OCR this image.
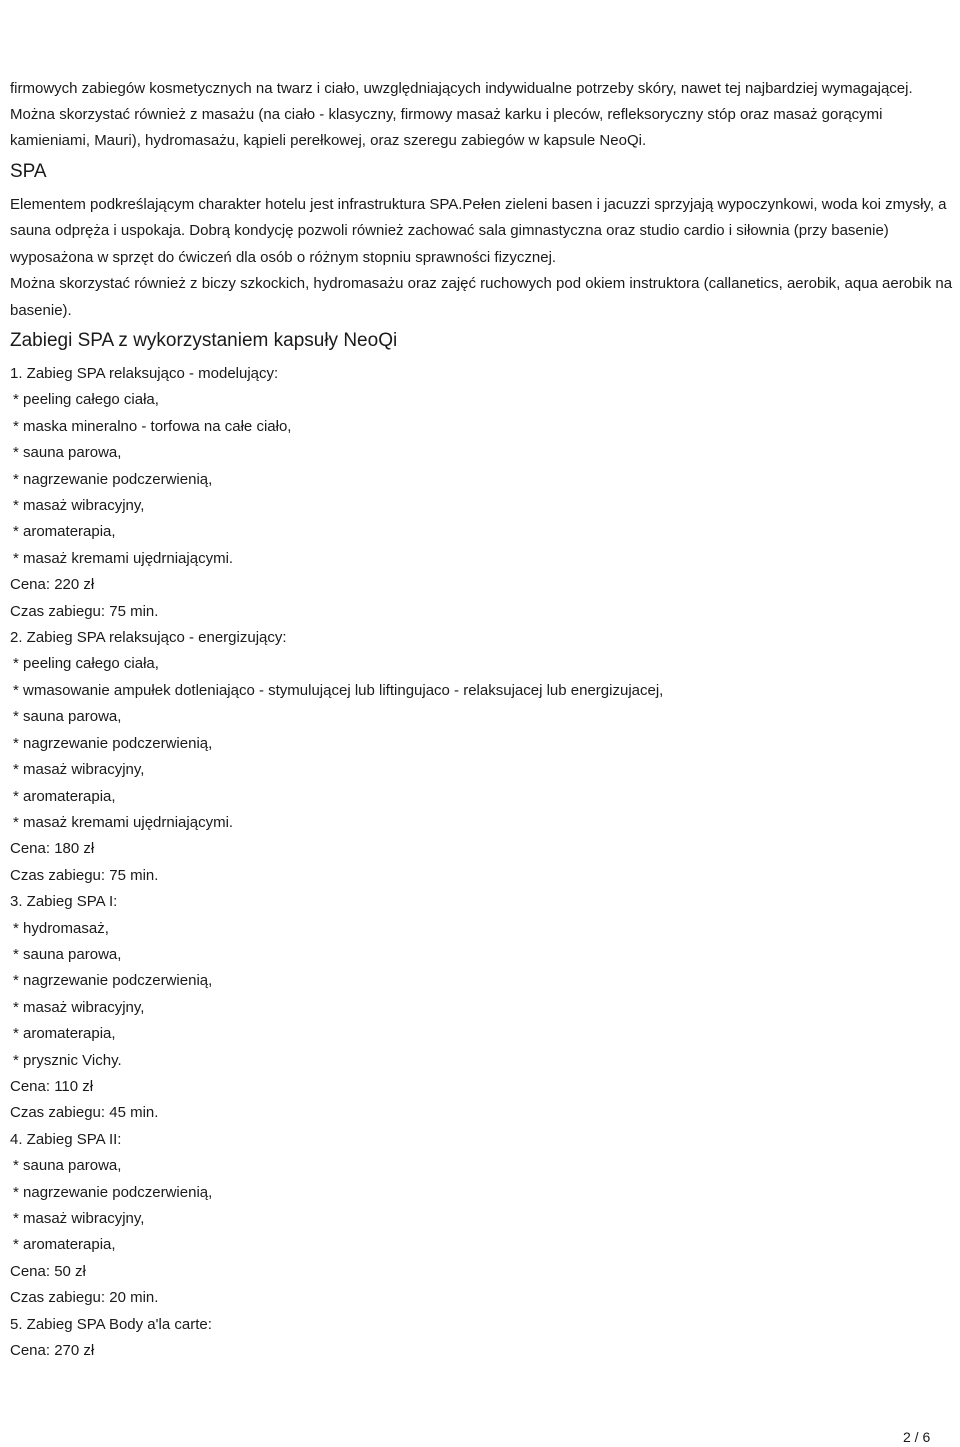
firmowych zabiegów kosmetycznych na twarz i ciało, uwzględniających indywidualne potrzeby skóry, nawet tej najbardziej wymagającej. Można skorzystać również z masażu (na ciało - klasyczny, firmowy masaż karku i pleców, refleksoryczny stóp oraz masaż gorącymi kamieniami, Mauri), hydromasażu, kąpieli perełkowej, oraz szeregu zabiegów w kapsule NeoQi.

SPA
Elementem podkreślającym charakter hotelu jest infrastruktura SPA.Pełen zieleni basen i jacuzzi sprzyjają wypoczynkowi, woda koi zmysły, a sauna odpręża i uspokaja. Dobrą kondycję pozwoli również zachować sala gimnastyczna oraz studio cardio i siłownia (przy basenie) wyposażona w sprzęt do ćwiczeń dla osób o różnym stopniu sprawności fizycznej.
Można skorzystać również z biczy szkockich, hydromasażu oraz zajęć ruchowych pod okiem instruktora (callanetics, aerobik, aqua aerobik na basenie).
Zabiegi SPA z wykorzystaniem kapsuły NeoQi
1. Zabieg SPA relaksująco - modelujący:
* peeling całego ciała,
* maska mineralno - torfowa na całe ciało,
* sauna parowa,
* nagrzewanie podczerwienią,
* masaż wibracyjny,
* aromaterapia,
* masaż kremami ujędrniającymi.
Cena: 220 zł
Czas zabiegu: 75 min.
2. Zabieg SPA relaksująco - energizujący:
* peeling całego ciała,
* wmasowanie ampułek dotleniająco - stymulującej lub liftingujaco - relaksujacej lub energizujacej,
* sauna parowa,
* nagrzewanie podczerwienią,
* masaż wibracyjny,
* aromaterapia,
* masaż kremami ujędrniającymi.
Cena: 180 zł
Czas zabiegu: 75 min.
3. Zabieg SPA I:
* hydromasaż,
* sauna parowa,
* nagrzewanie podczerwienią,
* masaż wibracyjny,
* aromaterapia,
* prysznic Vichy.
Cena: 110 zł
Czas zabiegu: 45 min.
4. Zabieg SPA II:
* sauna parowa,
* nagrzewanie podczerwienią,
* masaż wibracyjny,
* aromaterapia,
Cena: 50 zł
Czas zabiegu: 20 min.
5. Zabieg SPA Body a'la carte:
Cena: 270 zł
2 / 6
